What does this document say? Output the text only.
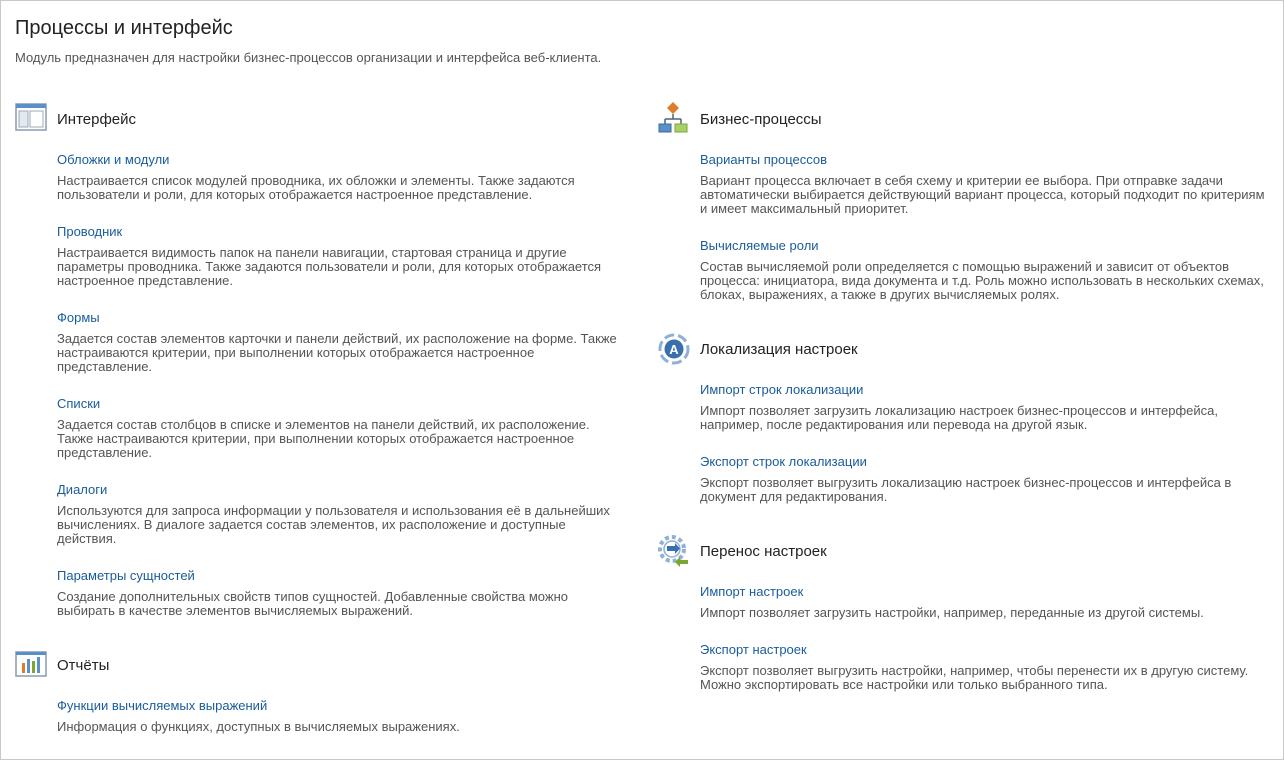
Процессы и интерфейс
Модуль предназначен для настройки бизнес-процессов организации и интерфейса веб-клиента.
Интерфейс
Обложки и модули
Настраивается список модулей проводника, их обложки и элементы. Также задаются пользователи и роли, для которых отображается настроенное представление.
Проводник
Настраивается видимость папок на панели навигации, стартовая страница и другие параметры проводника. Также задаются пользователи и роли, для которых отображается настроенное представление.
Формы
Задается состав элементов карточки и панели действий, их расположение на форме. Также настраиваются критерии, при выполнении которых отображается настроенное представление.
Списки
Задается состав столбцов в списке и элементов на панели действий, их расположение. Также настраиваются критерии, при выполнении которых отображается настроенное представление.
Диалоги
Используются для запроса информации у пользователя и использования её в дальнейших вычислениях. В диалоге задается состав элементов, их расположение и доступные действия.
Параметры сущностей
Создание дополнительных свойств типов сущностей. Добавленные свойства можно выбирать в качестве элементов вычисляемых выражений.
Отчёты
Функции вычисляемых выражений
Информация о функциях, доступных в вычисляемых выражениях.
Бизнес-процессы
Варианты процессов
Вариант процесса включает в себя схему и критерии ее выбора. При отправке задачи автоматически выбирается действующий вариант процесса, который подходит по критериям и имеет максимальный приоритет.
Вычисляемые роли
Состав вычисляемой роли определяется с помощью выражений и зависит от объектов процесса: инициатора, вида документа и т.д. Роль можно использовать в нескольких схемах, блоках, выражениях, а также в других вычисляемых ролях.
A Локализация настроек
Импорт строк локализации
Импорт позволяет загрузить локализацию настроек бизнес-процессов и интерфейса, например, после редактирования или перевода на другой язык.
Экспорт строк локализации
Экспорт позволяет выгрузить локализацию настроек бизнес-процессов и интерфейса в документ для редактирования.
Перенос настроек
Импорт настроек
Импорт позволяет загрузить настройки, например, переданные из другой системы.
Экспорт настроек
Экспорт позволяет выгрузить настройки, например, чтобы перенести их в другую систему. Можно экспортировать все настройки или только выбранного типа.
